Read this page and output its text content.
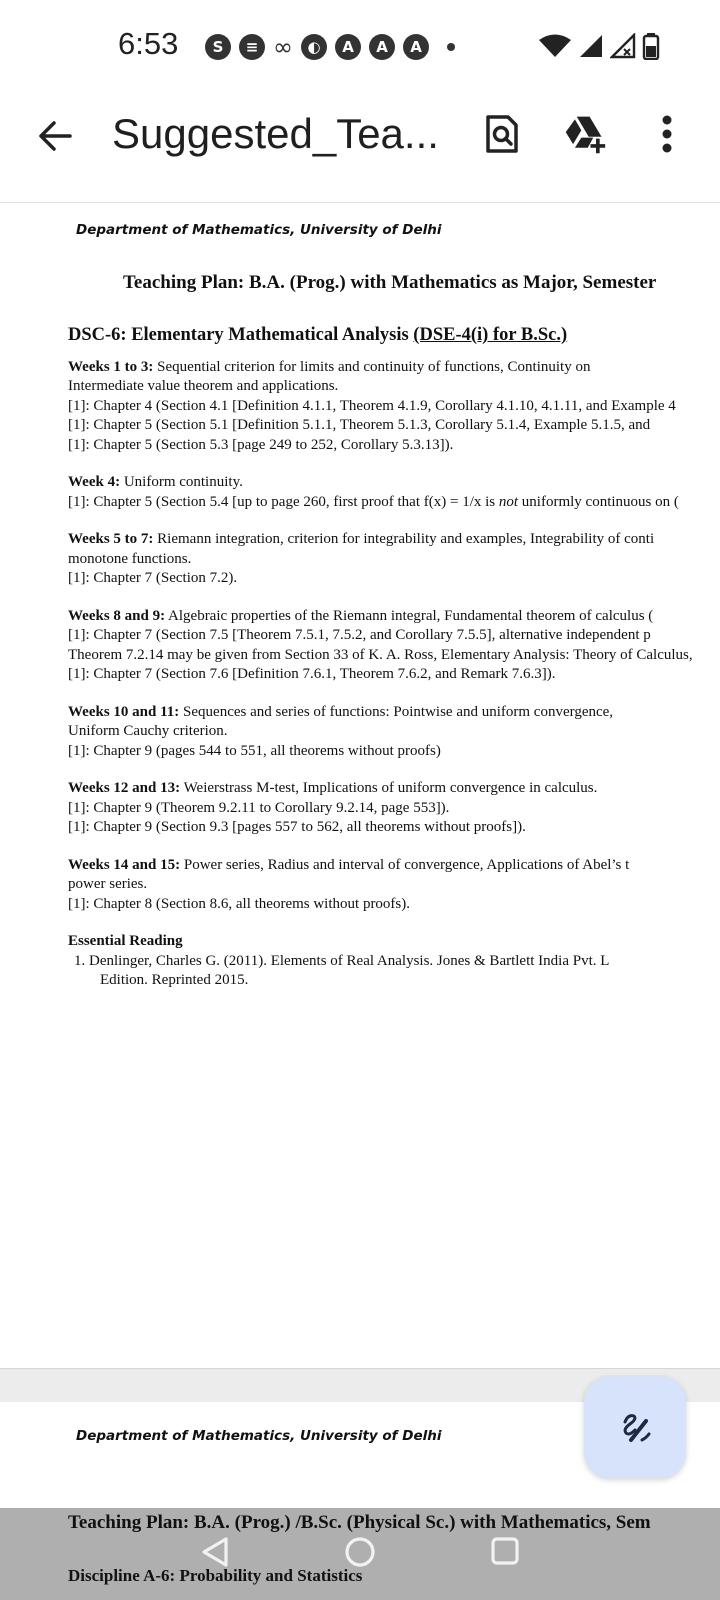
6:53	S	≡ ∞ ◐	A	A	A
Suggested_Tea...
Department of Mathematics, University of Delhi
Teaching Plan: B.A. (Prog.) with Mathematics as Major, Semester

DSC-6: Elementary Mathematical Analysis (DSE-4(i) for B.Sc.)

Weeks 1 to 3: Sequential criterion for limits and continuity of functions, Continuity on

Intermediate value theorem and applications.

[1]: Chapter 4 (Section 4.1 [Definition 4.1.1, Theorem 4.1.9, Corollary 4.1.10, 4.1.11, and Example 4

[1]: Chapter 5 (Section 5.1 [Definition 5.1.1, Theorem 5.1.3, Corollary 5.1.4, Example 5.1.5, and

[1]: Chapter 5 (Section 5.3 [page 249 to 252, Corollary 5.3.13]).

Week 4: Uniform continuity.

[1]: Chapter 5 (Section 5.4 [up to page 260, first proof that f(x) = 1/x is not uniformly continuous on (

Weeks 5 to 7: Riemann integration, criterion for integrability and examples, Integrability of conti

monotone functions.

[1]: Chapter 7 (Section 7.2).

Weeks 8 and 9: Algebraic properties of the Riemann integral, Fundamental theorem of calculus (

[1]: Chapter 7 (Section 7.5 [Theorem 7.5.1, 7.5.2, and Corollary 7.5.5], alternative independent p

Theorem 7.2.14 may be given from Section 33 of K. A. Ross, Elementary Analysis: Theory of Calculus,

[1]: Chapter 7 (Section 7.6 [Definition 7.6.1, Theorem 7.6.2, and Remark 7.6.3]).

Weeks 10 and 11: Sequences and series of functions: Pointwise and uniform convergence,

Uniform Cauchy criterion.

[1]: Chapter 9 (pages 544 to 551, all theorems without proofs)

Weeks 12 and 13: Weierstrass M-test, Implications of uniform convergence in calculus.

[1]: Chapter 9 (Theorem 9.2.11 to Corollary 9.2.14, page 553]).

[1]: Chapter 9 (Section 9.3 [pages 557 to 562, all theorems without proofs]).

Weeks 14 and 15: Power series, Radius and interval of convergence, Applications of Abel’s t

power series.

[1]: Chapter 8 (Section 8.6, all theorems without proofs).

Essential Reading

1. Denlinger, Charles G. (2011). Elements of Real Analysis. Jones & Bartlett India Pvt. L

Edition. Reprinted 2015.

Department of Mathematics, University of Delhi
Teaching Plan: B.A. (Prog.) /B.Sc. (Physical Sc.) with Mathematics, Sem
Discipline A-6: Probability and Statistics
